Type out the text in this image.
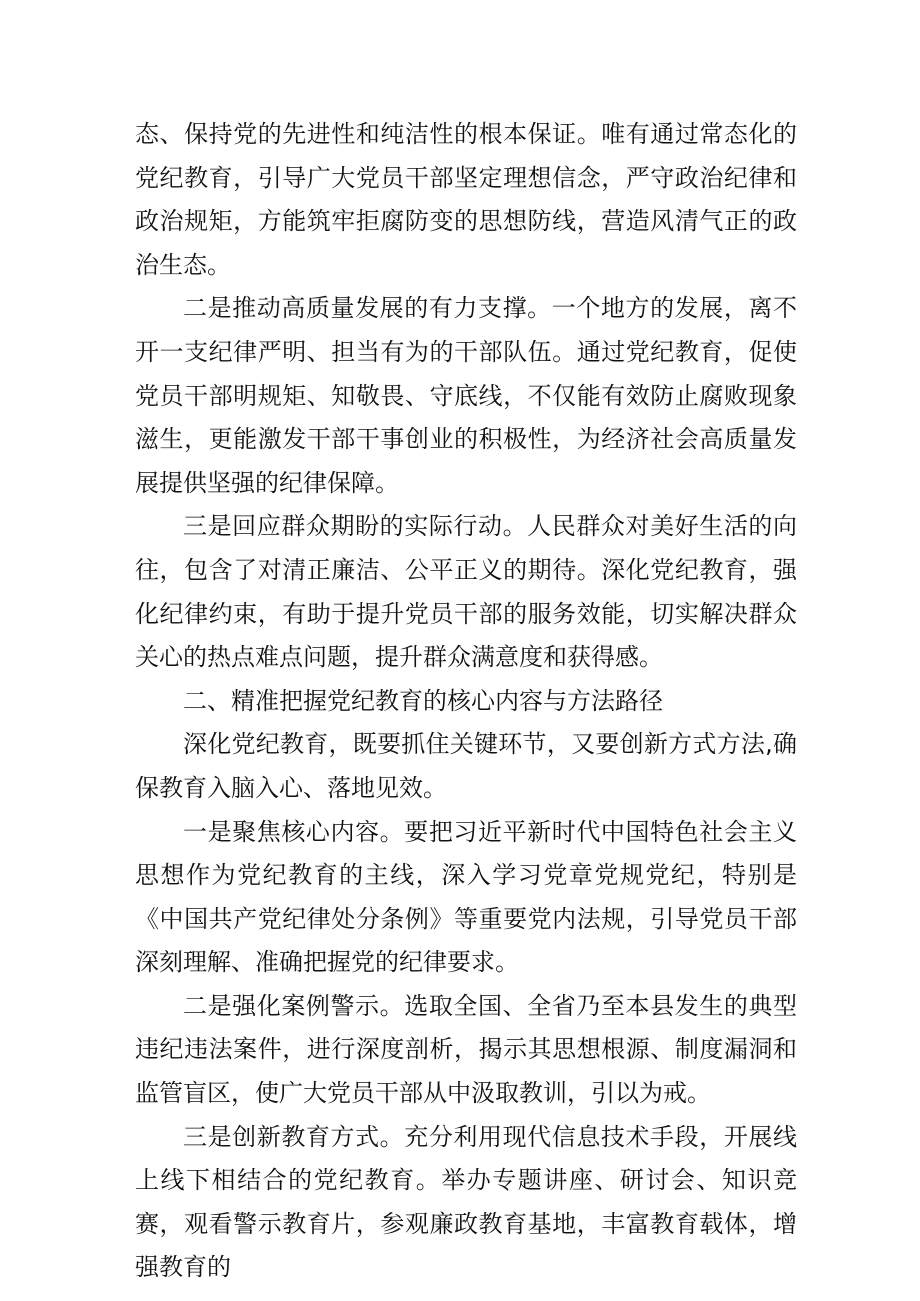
态、保持党的先进性和纯洁性的根本保证。唯有通过常态化的党纪教育，引导广大党员干部坚定理想信念，严守政治纪律和政治规矩，方能筑牢拒腐防变的思想防线，营造风清气正的政治生态。

二是推动高质量发展的有力支撑。一个地方的发展，离不开一支纪律严明、担当有为的干部队伍。通过党纪教育，促使党员干部明规矩、知敬畏、守底线，不仅能有效防止腐败现象滋生，更能激发干部干事创业的积极性，为经济社会高质量发展提供坚强的纪律保障。

三是回应群众期盼的实际行动。人民群众对美好生活的向往，包含了对清正廉洁、公平正义的期待。深化党纪教育，强化纪律约束，有助于提升党员干部的服务效能，切实解决群众关心的热点难点问题，提升群众满意度和获得感。

二、精准把握党纪教育的核心内容与方法路径

深化党纪教育，既要抓住关键环节，又要创新方式方法,确保教育入脑入心、落地见效。

一是聚焦核心内容。要把习近平新时代中国特色社会主义思想作为党纪教育的主线，深入学习党章党规党纪，特别是《中国共产党纪律处分条例》等重要党内法规，引导党员干部深刻理解、准确把握党的纪律要求。

二是强化案例警示。选取全国、全省乃至本县发生的典型违纪违法案件，进行深度剖析，揭示其思想根源、制度漏洞和监管盲区，使广大党员干部从中汲取教训，引以为戒。

三是创新教育方式。充分利用现代信息技术手段，开展线上线下相结合的党纪教育。举办专题讲座、研讨会、知识竞赛，观看警示教育片，参观廉政教育基地，丰富教育载体，增强教育的
